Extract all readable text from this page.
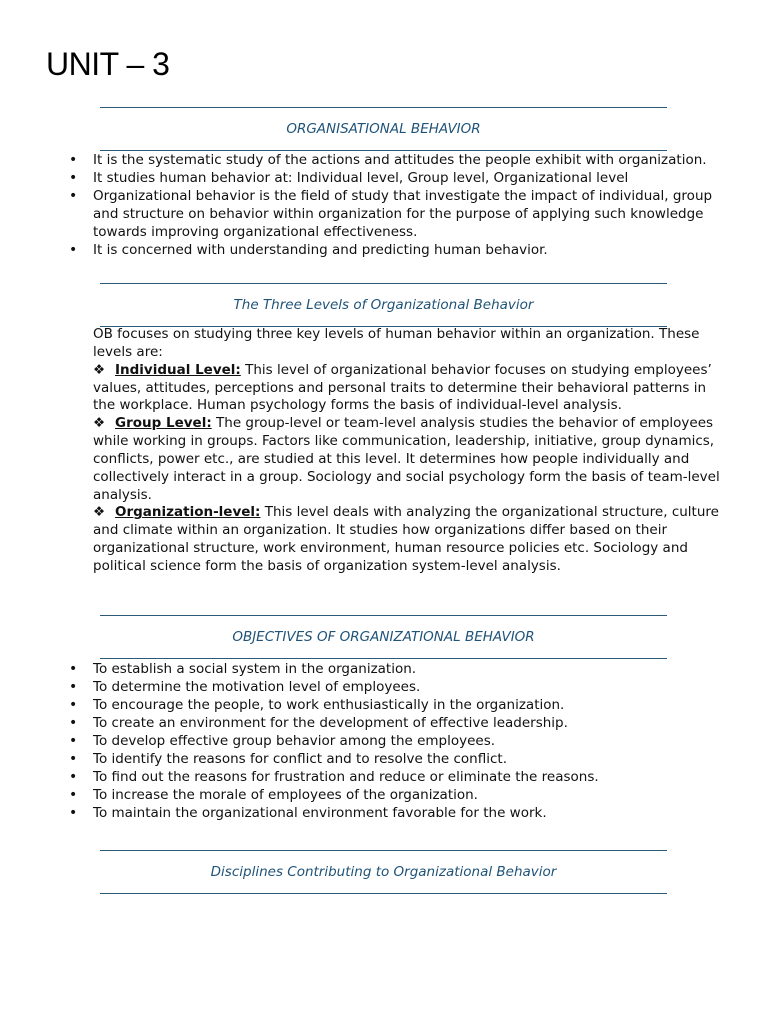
UNIT – 3
ORGANISATIONAL BEHAVIOR
• It is the systematic study of the actions and attitudes the people exhibit with organization.
• It studies human behavior at: Individual level, Group level, Organizational level
• Organizational behavior is the field of study that investigate the impact of individual, group and structure on behavior within organization for the purpose of applying such knowledge towards improving organizational effectiveness.
• It is concerned with understanding and predicting human behavior.
The Three Levels of Organizational Behavior
OB focuses on studying three key levels of human behavior within an organization. These levels are:
❖ Individual Level: This level of organizational behavior focuses on studying employees’ values, attitudes, perceptions and personal traits to determine their behavioral patterns in the workplace. Human psychology forms the basis of individual-level analysis.
❖ Group Level: The group-level or team-level analysis studies the behavior of employees while working in groups. Factors like communication, leadership, initiative, group dynamics, conflicts, power etc., are studied at this level. It determines how people individually and collectively interact in a group. Sociology and social psychology form the basis of team-level analysis.
❖ Organization-level: This level deals with analyzing the organizational structure, culture and climate within an organization. It studies how organizations differ based on their organizational structure, work environment, human resource policies etc. Sociology and political science form the basis of organization system-level analysis.
OBJECTIVES OF ORGANIZATIONAL BEHAVIOR
• To establish a social system in the organization.
• To determine the motivation level of employees.
• To encourage the people, to work enthusiastically in the organization.
• To create an environment for the development of effective leadership.
• To develop effective group behavior among the employees.
• To identify the reasons for conflict and to resolve the conflict.
• To find out the reasons for frustration and reduce or eliminate the reasons.
• To increase the morale of employees of the organization.
• To maintain the organizational environment favorable for the work.
Disciplines Contributing to Organizational Behavior
